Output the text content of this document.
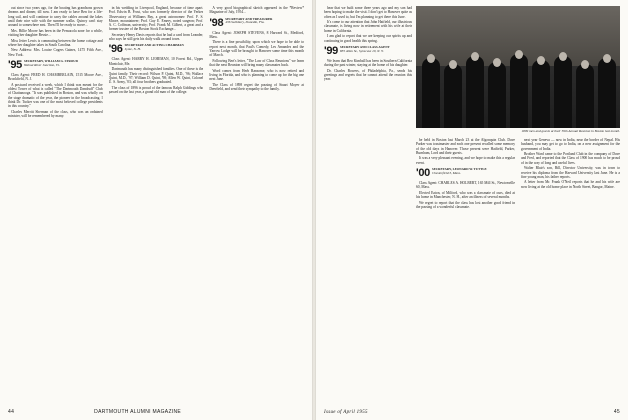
out since two years ago, for the boating has grandsons grown dreams and dinner, till now. I am ready to have Ben for a life-long sail, and will continue to carry the cables around the lakes until their nice wife with the summer walks. Quincy can't stay around to somewhere east. Then I'll be ready to move...

Mrs. Billie Moore has been in the Pensacola zone for a while, visiting her daughter Bessie...

Miss Jetter Lewis is commuting between the home cottage and where her daughter takes in South Carolina.

New Address: Mrs. Louise Cogers Gaines, 1475 Fifth Ave., New York.

'95 SECRETARY, WILLIAM G. STROUD
Walnut River Junction, Vt.

Class Agent: FRED H. CHAMBERLAIN, 1515 Moore Ave., Brookfield, N. J.

A postcard received a week, which I think was meant for the oldest Tower of what is called "The Dartmouth Dandruff" Club of Chattanooga. "It was published in Boston, and was wholly on the stage dramatic of the year, the pioneer in the broadcasting. I think Dr. Tucker was one of the most beloved college presidents in this country."

Charles Merritt Sherman of the class, who was an ordained minister, will be remembered by many.

in his wedding in Liverpool, England, because of time apart. Prof. Edwin B. Frost, who was formerly director of the Yerkes Observatory at Williams Bay, a great astronomer: Prof. F. S. Moore, mountaineer; Prof. Guy E. Emery, noted surgeon; Prof. A. C. Coffman, university; Prof. Frank M. Gilbert, a great and a former trustee of the Boston Stock Exchange...

Secretary Henry Davis reports that he had a card from Leander, who says he still gets his daily walk around town.

'96 SECRETARY AND ACTING CHAIRMAN
Lyme, N. H.

Class Agent: HARRY H. LEHEMAN, 10 Forest Rd., Upper Montclair, Me.

Dartmouth has many distinguished families. One of these is the Quint family. Their record: Wilson P. Quint, M.D., '96; Wallace Quint, M.D., '97; William D. Quint, '98; Allen W. Quint, Colonel U. S. Army, '03; all four brothers graduated.

The class of 1896 is proud of the famous Ralph Giddings who passed on the last year, a grand old man of the college.

A very good biographical sketch appeared in the *Review* Magazine of July, 1954...

'98 SECRETARY AND TREASURER
436 Salisbury, Dunedin, Fla.

Class Agent: JOSEPH STEVENS, 8 Harvard St., Medford, Mass.

There is a fine possibility, upon which we hope to be able to report next month, that Paul's Comedy, Les Amandes and the Yarrow Lodge will be brought to Hanover some time this month of March.

Following Bert's letter, "The Law of Class Reunions" we learn that the next Reunion will bring many classmates back.

Word comes from Herb Ransome, who is now retired and living in Florida, and who is planning to come up for the big one next June.

The Class of 1898 regret the passing of Stuart Moyer at Deerfield, and send their sympathy to the family.

44	DARTMOUTH ALUMNI MAGAZINE

hear that we built some three years ago and my son had been hoping to make the visit. I don't get to Hanover quite as often as I used to, but I'm planning to get there this June.

It's come to our attention that John Hatfield, our illustrious classmate, is living now in retirement with his wife at their home in California.

I am glad to report that we are keeping our spirits up and continuing in good health this spring.

'99 SECRETARY AND CLASS AGENT
835 Allen St., Syracuse 10, N. Y.

We learn that Reo Kimball has been in Southern California during the past winter, staying at the home of his daughter.

Dr. Charles Bowers, of Philadelphia, Pa., sends his greetings and regrets that he cannot attend the reunion this year.

1899 men and guests at their 59th Annual Reunion in Boston last month.

be held in Boston last March 23 at the Algonquin Club. Dave Parker was toastmaster and each one present recalled some memory of the old days in Hanover. Those present were Hatfield, Parker, Burnham, Lord and their guests.

It was a very pleasant evening, and we hope to make this a regular event.

'00 SECRETARY, LEONARD W. TUTTLE
Chesterfield 3, Mass.

Class Agent: CHARLES A. HOLBERT, 165 Mill St., Newtonville 60, Mass.

Elected Eaton, of Milford, who was a classmate of ours, died at his home in Manchester, N. H., after an illness of several months.

We regret to report that the class has lost another good friend in the passing of a wonderful classmate.

next year Geneva — now in India, near the border of Nepal. His husband, you may get to go to India, on a new assignment for the government of India.

Brother Ward came to the Portland Club in the company of Dave and Fred, and reported that the Class of 1900 has much to be proud of in the way of long and useful lives.

Walter Blair's son, Bill, Director University, was in town to receive his diploma from the Harvard University last June. He is a fine young man, his father reports.

A letter from Mr. Frank O'Neil reports that he and his wife are now living at the old home place in North Street, Bangor, Maine.

Issue of April 1955	45
